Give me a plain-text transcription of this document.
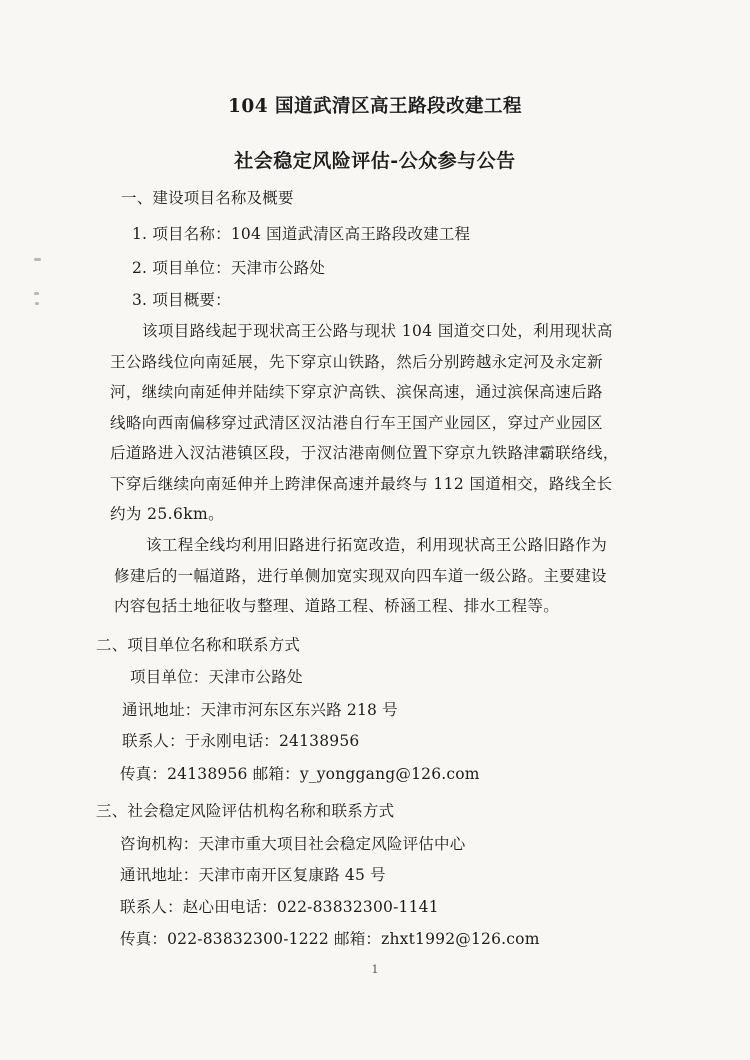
104 国道武清区高王路段改建工程
社会稳定风险评估-公众参与公告
一、建设项目名称及概要
1. 项目名称：104 国道武清区高王路段改建工程
2. 项目单位：天津市公路处
3. 项目概要：
该项目路线起于现状高王公路与现状 104 国道交口处，利用现状高
王公路线位向南延展，先下穿京山铁路，然后分别跨越永定河及永定新
河，继续向南延伸并陆续下穿京沪高铁、滨保高速，通过滨保高速后路
线略向西南偏移穿过武清区汊沽港自行车王国产业园区，穿过产业园区
后道路进入汊沽港镇区段，于汊沽港南侧位置下穿京九铁路津霸联络线，
下穿后继续向南延伸并上跨津保高速并最终与 112 国道相交，路线全长
约为 25.6km。
该工程全线均利用旧路进行拓宽改造，利用现状高王公路旧路作为
修建后的一幅道路，进行单侧加宽实现双向四车道一级公路。主要建设
内容包括土地征收与整理、道路工程、桥涵工程、排水工程等。
二、项目单位名称和联系方式
项目单位：天津市公路处
通讯地址：天津市河东区东兴路 218 号
联系人：于永刚电话：24138956
传真：24138956 邮箱：y_yonggang@126.com
三、社会稳定风险评估机构名称和联系方式
咨询机构：天津市重大项目社会稳定风险评估中心
通讯地址：天津市南开区复康路 45 号
联系人：赵心田电话：022-83832300-1141
传真：022-83832300-1222 邮箱：zhxt1992@126.com
1
